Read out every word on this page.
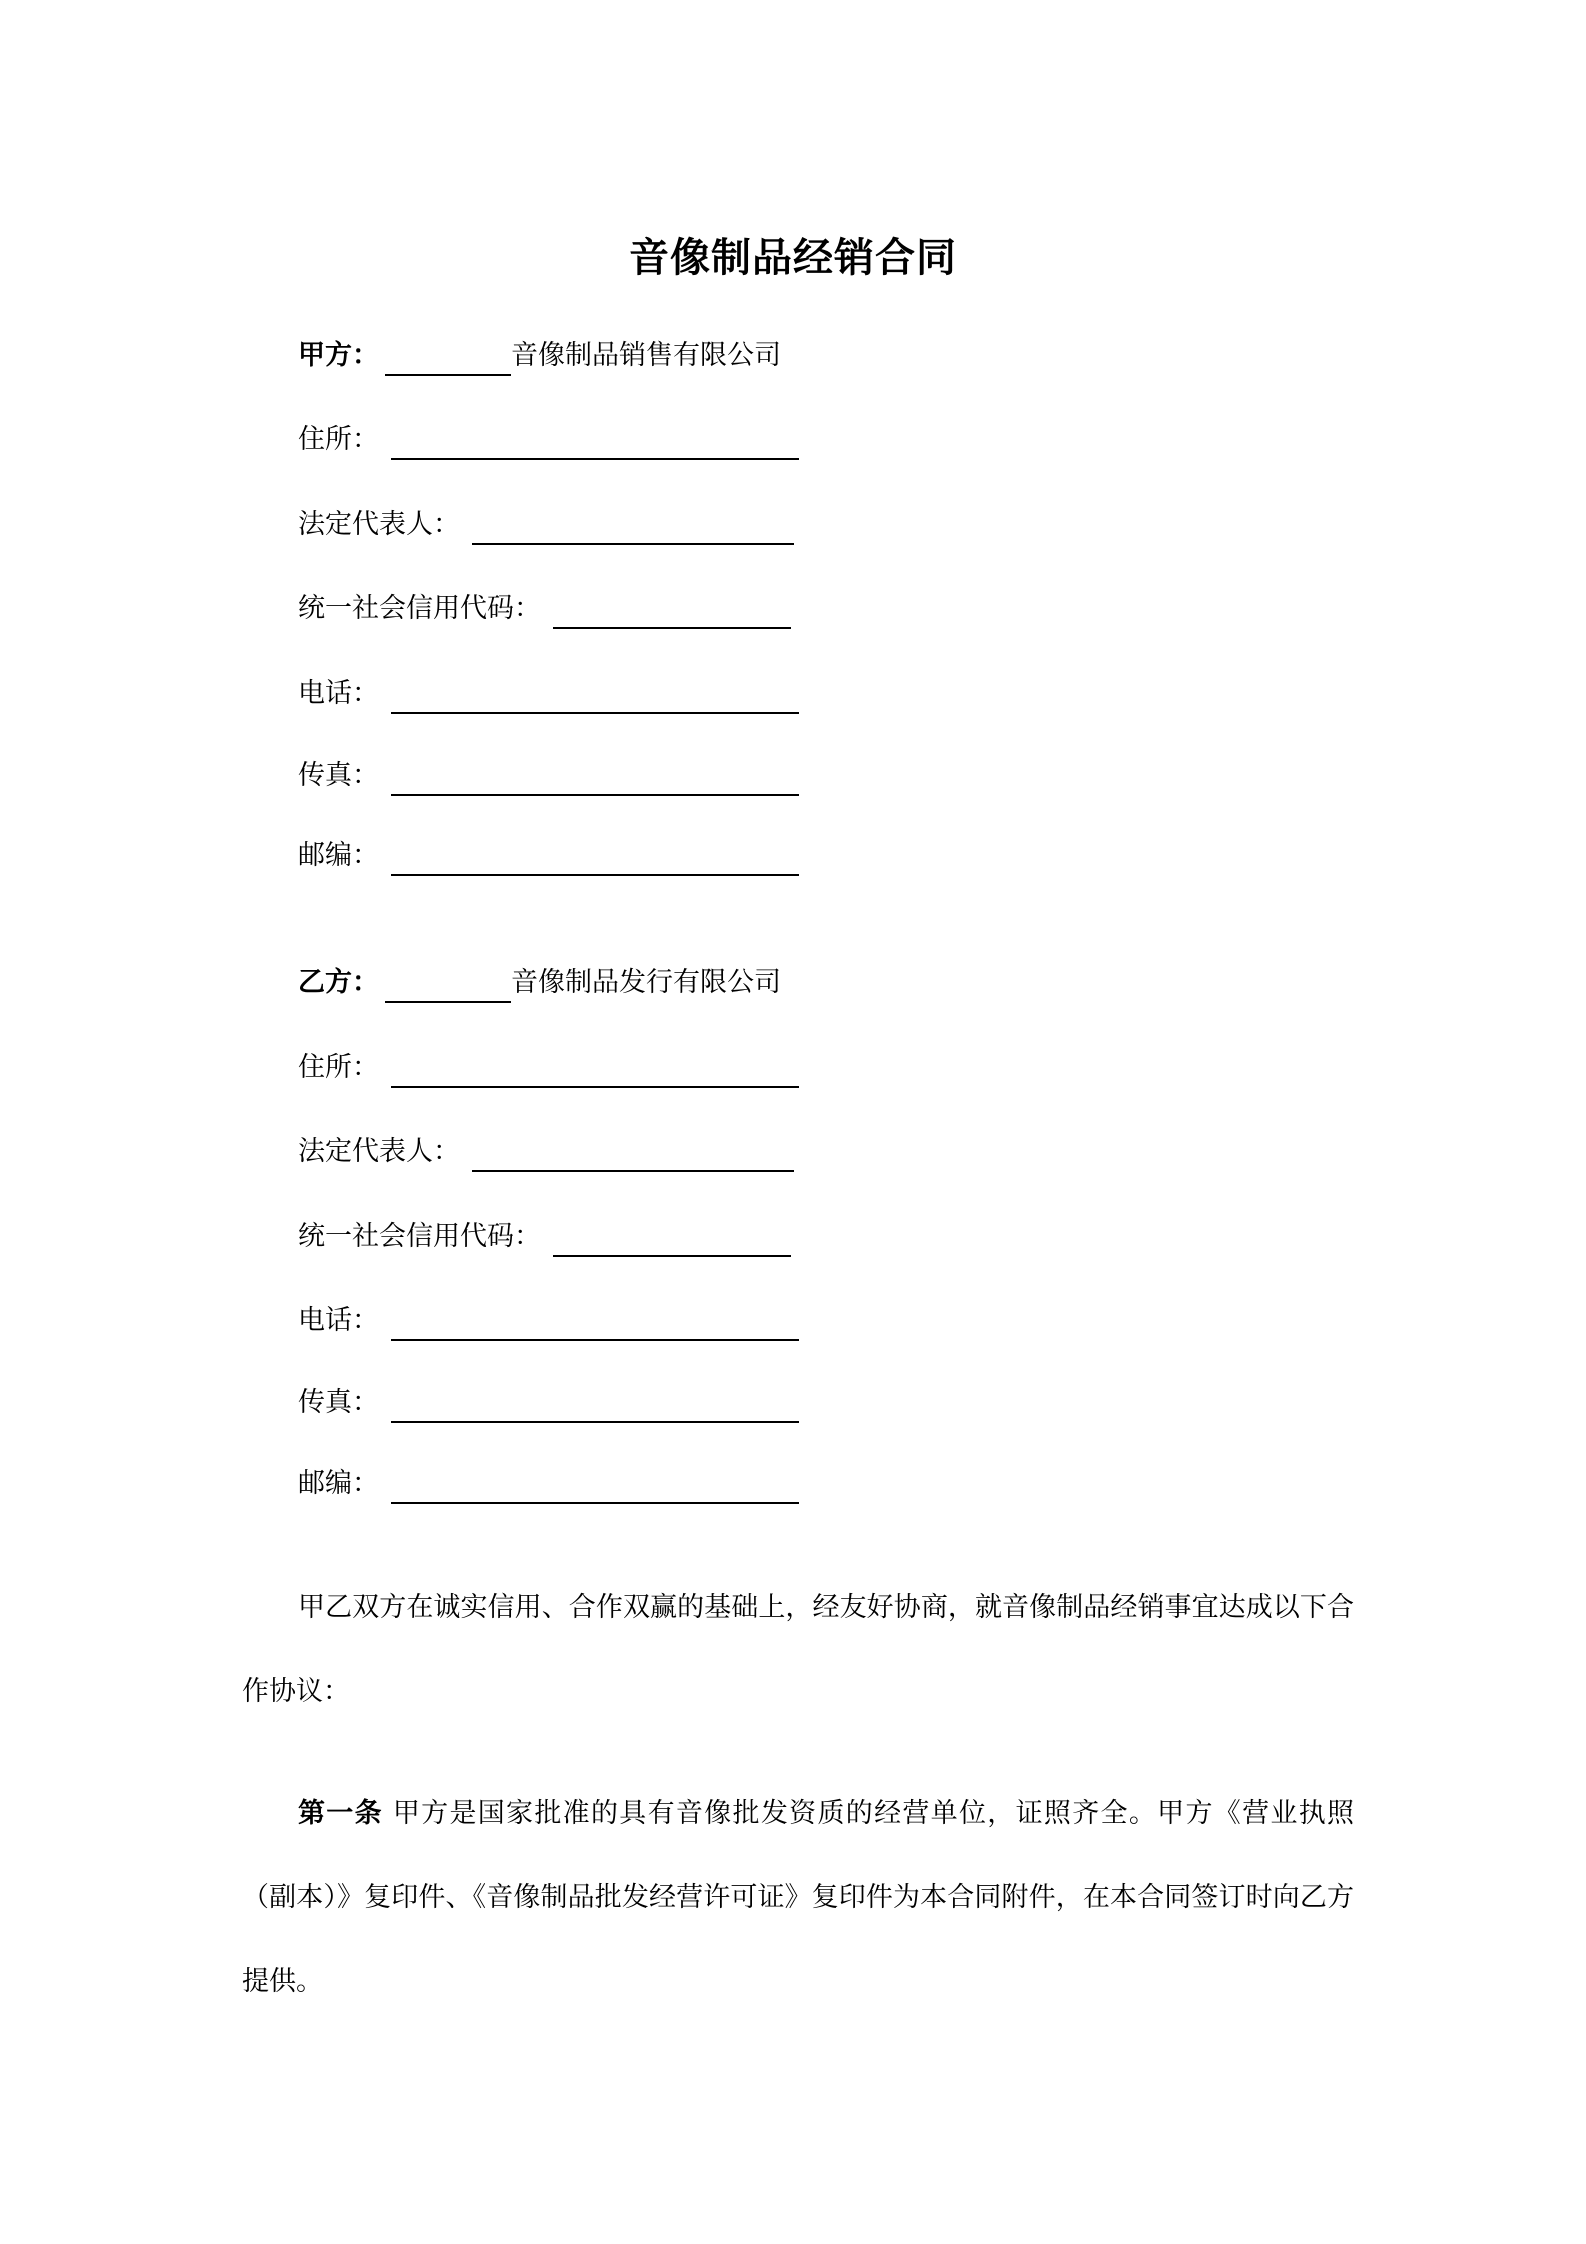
音像制品经销合同
甲方：	音像制品销售有限公司
住所：
法定代表人：
统一社会信用代码：
电话：
传真：
邮编：
乙方：	音像制品发行有限公司
住所：
法定代表人：
统一社会信用代码：
电话：
传真：
邮编：

甲乙双方在诚实信用、合作双赢的基础上，经友好协商，就音像制品经销事宜达成以下合作协议：

第一条 甲方是国家批准的具有音像批发资质的经营单位，证照齐全。甲方《营业执照（副本）》复印件、《音像制品批发经营许可证》复印件为本合同附件，在本合同签订时向乙方提供。
